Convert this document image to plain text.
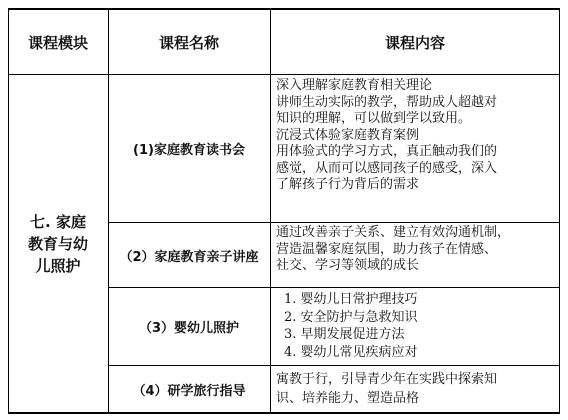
课程模块	课程名称	课程内容
七. 家庭
教育与幼
儿照护
(1)家庭教育读书会
深入理解家庭教育相关理论
讲师生动实际的教学，帮助成人超越对
知识的理解，可以做到学以致用。
沉浸式体验家庭教育案例
用体验式的学习方式，真正触动我们的
感觉，从而可以感同孩子的感受，深入
了解孩子行为背后的需求
（2）家庭教育亲子讲座
通过改善亲子关系、建立有效沟通机制，
营造温馨家庭氛围，助力孩子在情感、
社交、学习等领域的成长
（3）婴幼儿照护
1. 婴幼儿日常护理技巧
2. 安全防护与急救知识
3. 早期发展促进方法
4. 婴幼儿常见疾病应对
（4）研学旅行指导
寓教于行，引导青少年在实践中探索知
识、培养能力、塑造品格
